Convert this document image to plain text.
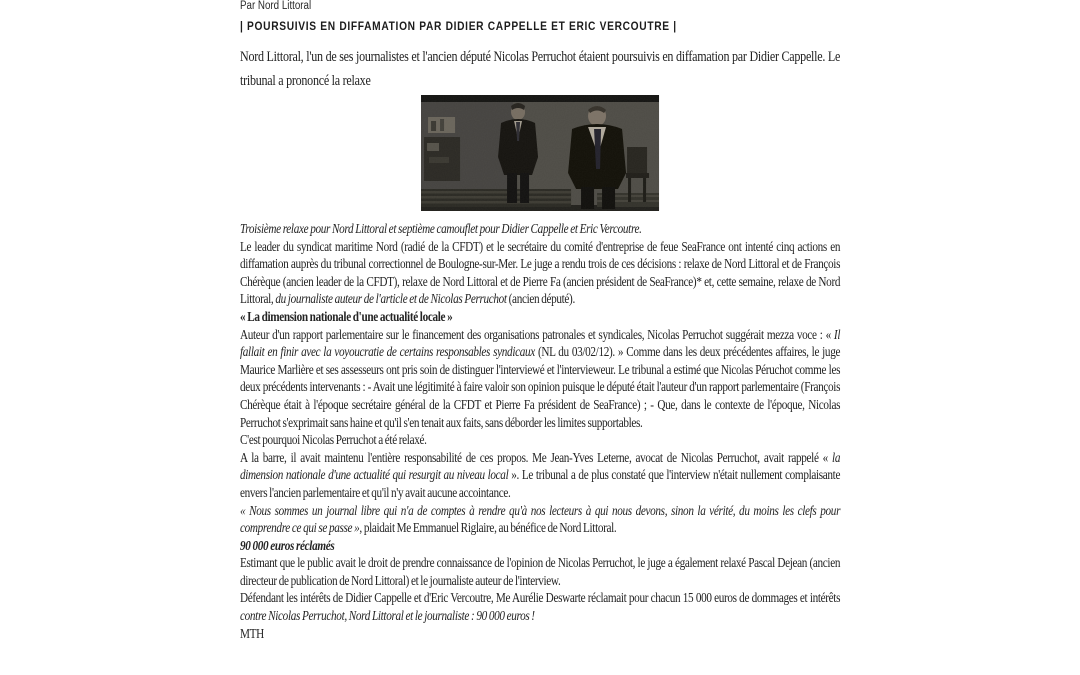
Par Nord Littoral
| POURSUIVIS EN DIFFAMATION PAR DIDIER CAPPELLE ET ERIC VERCOUTRE |

Nord Littoral, l'un de ses journalistes et l'ancien député Nicolas Perruchot étaient poursuivis en diffamation par Didier Cappelle. Le tribunal a prononcé la relaxe

Troisième relaxe pour Nord Littoral et septième camouflet pour Didier Cappelle et Eric Vercoutre.

Le leader du syndicat maritime Nord (radié de la CFDT) et le secrétaire du comité d'entreprise de feue SeaFrance ont intenté cinq actions en diffamation auprès du tribunal correctionnel de Boulogne-sur-Mer. Le juge a rendu trois de ces décisions : relaxe de Nord Littoral et de François Chérèque (ancien leader de la CFDT), relaxe de Nord Littoral et de Pierre Fa (ancien président de SeaFrance)* et, cette semaine, relaxe de Nord Littoral, du journaliste auteur de l'article et de Nicolas Perruchot (ancien député).

« La dimension nationale d'une actualité locale »

Auteur d'un rapport parlementaire sur le financement des organisations patronales et syndicales, Nicolas Perruchot suggérait mezza voce : « Il fallait en finir avec la voyoucratie de certains responsables syndicaux (NL du 03/02/12). » Comme dans les deux précédentes affaires, le juge Maurice Marlière et ses assesseurs ont pris soin de distinguer l'interviewé et l'intervieweur. Le tribunal a estimé que Nicolas Péruchot comme les deux précédents intervenants : - Avait une légitimité à faire valoir son opinion puisque le député était l'auteur d'un rapport parlementaire (François Chérèque était à l'époque secrétaire général de la CFDT et Pierre Fa président de SeaFrance) ; - Que, dans le contexte de l'époque, Nicolas Perruchot s'exprimait sans haine et qu'il s'en tenait aux faits, sans déborder les limites supportables.

C'est pourquoi Nicolas Perruchot a été relaxé.

A la barre, il avait maintenu l'entière responsabilité de ces propos. Me Jean-Yves Leterne, avocat de Nicolas Perruchot, avait rappelé « la dimension nationale d'une actualité qui resurgit au niveau local ». Le tribunal a de plus constaté que l'interview n'était nullement complaisante envers l'ancien parlementaire et qu'il n'y avait aucune accointance.

« Nous sommes un journal libre qui n'a de comptes à rendre qu'à nos lecteurs à qui nous devons, sinon la vérité, du moins les clefs pour comprendre ce qui se passe », plaidait Me Emmanuel Riglaire, au bénéfice de Nord Littoral.

90 000 euros réclamés

Estimant que le public avait le droit de prendre connaissance de l'opinion de Nicolas Perruchot, le juge a également relaxé Pascal Dejean (ancien directeur de publication de Nord Littoral) et le journaliste auteur de l'interview.

Défendant les intérêts de Didier Cappelle et d'Eric Vercoutre, Me Aurélie Deswarte réclamait pour chacun 15 000 euros de dommages et intérêts contre Nicolas Perruchot, Nord Littoral et le journaliste : 90 000 euros !

MTH
